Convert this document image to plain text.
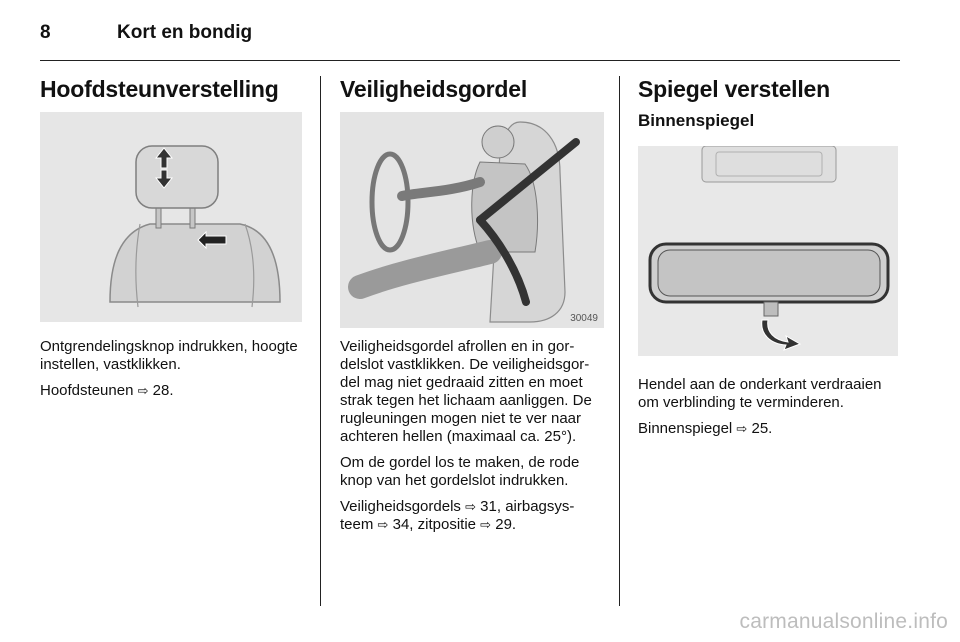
8	Kort en bondig
Hoofdsteunverstelling

Ontgrendelingsknop indrukken, hoogte instellen, vastklikken.

Hoofdsteunen ⇨ 28.

Veiligheidsgordel
30049

Veiligheidsgordel afrollen en in gor-delslot vastklikken. De veiligheidsgor-del mag niet gedraaid zitten en moet strak tegen het lichaam aanliggen. De rugleuningen mogen niet te ver naar achteren hellen (maximaal ca. 25°).

Om de gordel los te maken, de rode knop van het gordelslot indrukken.

Veiligheidsgordels ⇨ 31, airbagsys-
teem ⇨ 34, zitpositie ⇨ 29.

Spiegel verstellen
Binnenspiegel

Hendel aan de onderkant verdraaien om verblinding te verminderen.

Binnenspiegel ⇨ 25.

carmanualsonline.info
